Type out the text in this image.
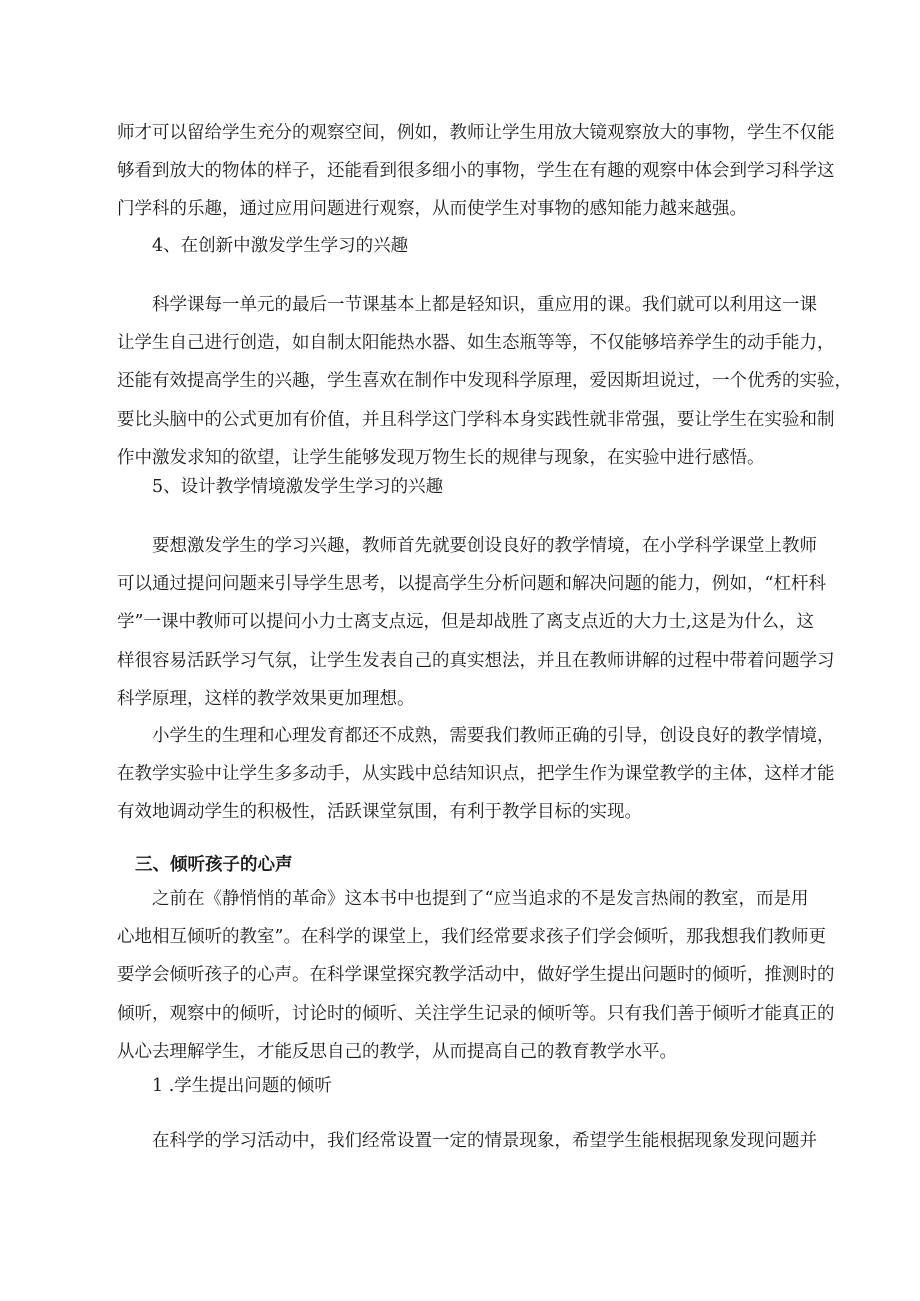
师才可以留给学生充分的观察空间，例如，教师让学生用放大镜观察放大的事物，学生不仅能
够看到放大的物体的样子，还能看到很多细小的事物，学生在有趣的观察中体会到学习科学这
门学科的乐趣，通过应用问题进行观察，从而使学生对事物的感知能力越来越强。
4、在创新中激发学生学习的兴趣
科学课每一单元的最后一节课基本上都是轻知识，重应用的课。我们就可以利用这一课
让学生自己进行创造，如自制太阳能热水器、如生态瓶等等，不仅能够培养学生的动手能力，
还能有效提高学生的兴趣，学生喜欢在制作中发现科学原理，爱因斯坦说过，一个优秀的实验，
要比头脑中的公式更加有价值，并且科学这门学科本身实践性就非常强，要让学生在实验和制
作中激发求知的欲望，让学生能够发现万物生长的规律与现象，在实验中进行感悟。
5、设计教学情境激发学生学习的兴趣
要想激发学生的学习兴趣，教师首先就要创设良好的教学情境，在小学科学课堂上教师
可以通过提问问题来引导学生思考，以提高学生分析问题和解决问题的能力，例如，“杠杆科
学”一课中教师可以提问小力士离支点远，但是却战胜了离支点近的大力士,这是为什么，这
样很容易活跃学习气氛，让学生发表自己的真实想法，并且在教师讲解的过程中带着问题学习
科学原理，这样的教学效果更加理想。
小学生的生理和心理发育都还不成熟，需要我们教师正确的引导，创设良好的教学情境，
在教学实验中让学生多多动手，从实践中总结知识点，把学生作为课堂教学的主体，这样才能
有效地调动学生的积极性，活跃课堂氛围，有利于教学目标的实现。
三、倾听孩子的心声
之前在《静悄悄的革命》这本书中也提到了“应当追求的不是发言热闹的教室，而是用
心地相互倾听的教室”。在科学的课堂上，我们经常要求孩子们学会倾听，那我想我们教师更
要学会倾听孩子的心声。在科学课堂探究教学活动中，做好学生提出问题时的倾听，推测时的
倾听，观察中的倾听，讨论时的倾听、关注学生记录的倾听等。只有我们善于倾听才能真正的
从心去理解学生，才能反思自己的教学，从而提高自己的教育教学水平。
1 .学生提出问题的倾听
在科学的学习活动中，我们经常设置一定的情景现象，希望学生能根据现象发现问题并
